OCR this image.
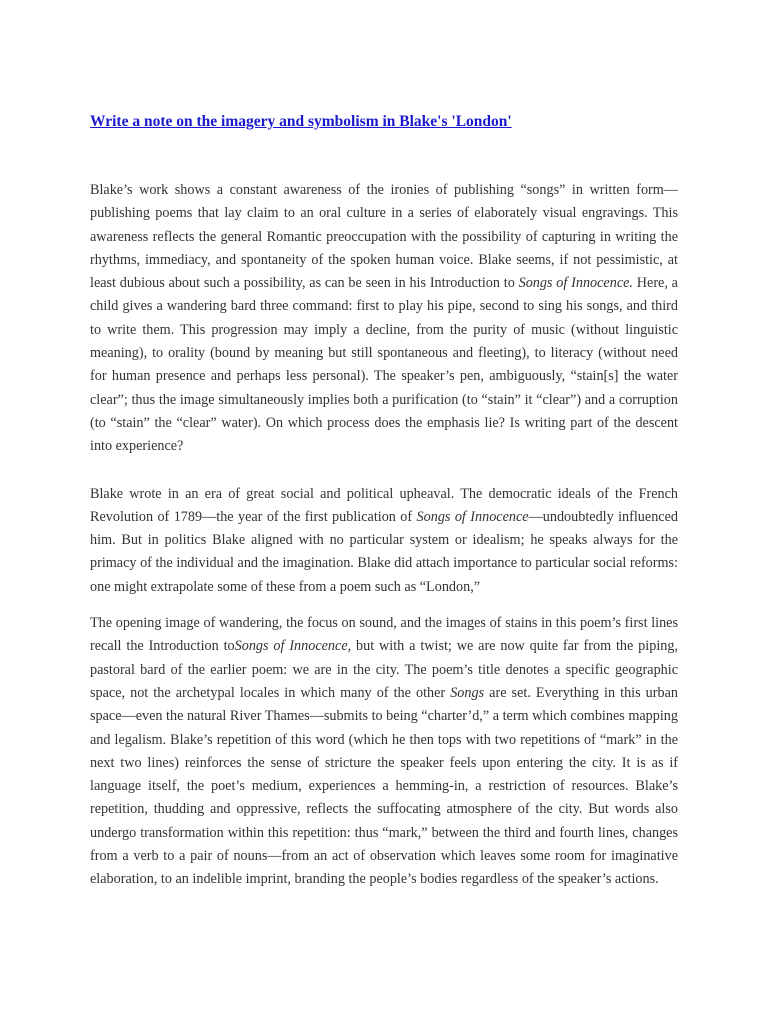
Write a note on the imagery and symbolism in Blake's 'London'

Blake’s work shows a constant awareness of the ironies of publishing “songs” in written form—publishing poems that lay claim to an oral culture in a series of elaborately visual engravings. This awareness reflects the general Romantic preoccupation with the possibility of capturing in writing the rhythms, immediacy, and spontaneity of the spoken human voice. Blake seems, if not pessimistic, at least dubious about such a possibility, as can be seen in his Introduction to Songs of Innocence. Here, a child gives a wandering bard three command: first to play his pipe, second to sing his songs, and third to write them. This progression may imply a decline, from the purity of music (without linguistic meaning), to orality (bound by meaning but still spontaneous and fleeting), to literacy (without need for human presence and perhaps less personal). The speaker’s pen, ambiguously, “stain[s] the water clear”; thus the image simultaneously implies both a purification (to “stain” it “clear”) and a corruption (to “stain” the “clear” water). On which process does the emphasis lie? Is writing part of the descent into experience?

Blake wrote in an era of great social and political upheaval. The democratic ideals of the French Revolution of 1789—the year of the first publication of Songs of Innocence—undoubtedly influenced him. But in politics Blake aligned with no particular system or idealism; he speaks always for the primacy of the individual and the imagination. Blake did attach importance to particular social reforms: one might extrapolate some of these from a poem such as “London,”

The opening image of wandering, the focus on sound, and the images of stains in this poem’s first lines recall the Introduction toSongs of Innocence, but with a twist; we are now quite far from the piping, pastoral bard of the earlier poem: we are in the city. The poem’s title denotes a specific geographic space, not the archetypal locales in which many of the other Songs are set. Everything in this urban space—even the natural River Thames—submits to being “charter’d,” a term which combines mapping and legalism. Blake’s repetition of this word (which he then tops with two repetitions of “mark” in the next two lines) reinforces the sense of stricture the speaker feels upon entering the city. It is as if language itself, the poet’s medium, experiences a hemming-in, a restriction of resources. Blake’s repetition, thudding and oppressive, reflects the suffocating atmosphere of the city. But words also undergo transformation within this repetition: thus “mark,” between the third and fourth lines, changes from a verb to a pair of nouns—from an act of observation which leaves some room for imaginative elaboration, to an indelible imprint, branding the people’s bodies regardless of the speaker’s actions.
